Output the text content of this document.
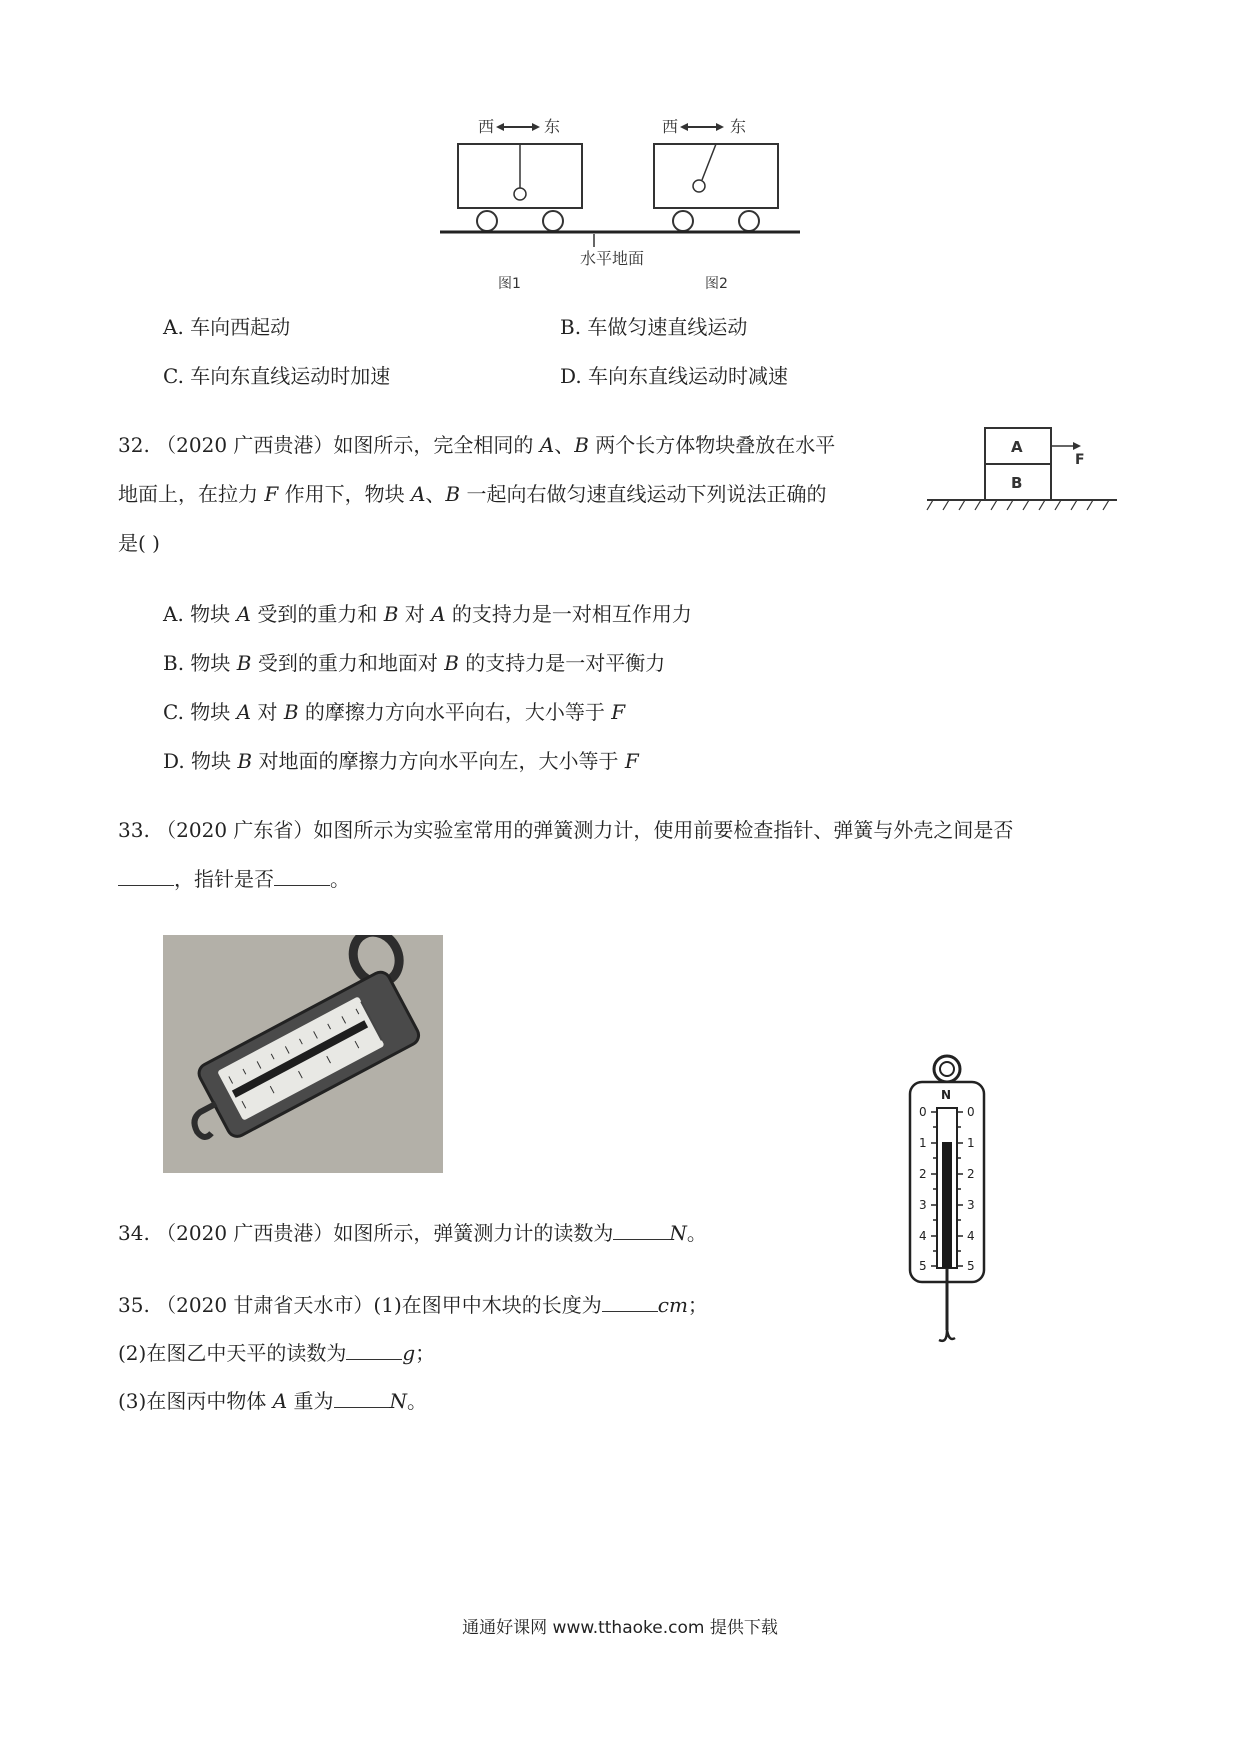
西	东	西	东
水平地面
图1	图2
A. 车向西起动	B. 车做匀速直线运动
C. 车向东直线运动时加速	D. 车向东直线运动时减速
32. （2020 广西贵港）如图所示，完全相同的 A、B 两个长方体物块叠放在水平
地面上，在拉力 F 作用下，物块 A、B 一起向右做匀速直线运动下列说法正确的
是( )
A
B
F
A. 物块 A 受到的重力和 B 对 A 的支持力是一对相互作用力
B. 物块 B 受到的重力和地面对 B 的支持力是一对平衡力
C. 物块 A 对 B 的摩擦力方向水平向右，大小等于 F
D. 物块 B 对地面的摩擦力方向水平向左，大小等于 F
33. （2020 广东省）如图所示为实验室常用的弹簧测力计，使用前要检查指针、弹簧与外壳之间是否
，指针是否	。
N
0	0
1	1
2	2
3	3
4	4
5	5
34. （2020 广西贵港）如图所示，弹簧测力计的读数为	N。
35. （2020 甘肃省天水市）(1)在图甲中木块的长度为	cm；
(2)在图乙中天平的读数为	g；
(3)在图丙中物体 A 重为	N。
通通好课网 www.tthaoke.com 提供下载
